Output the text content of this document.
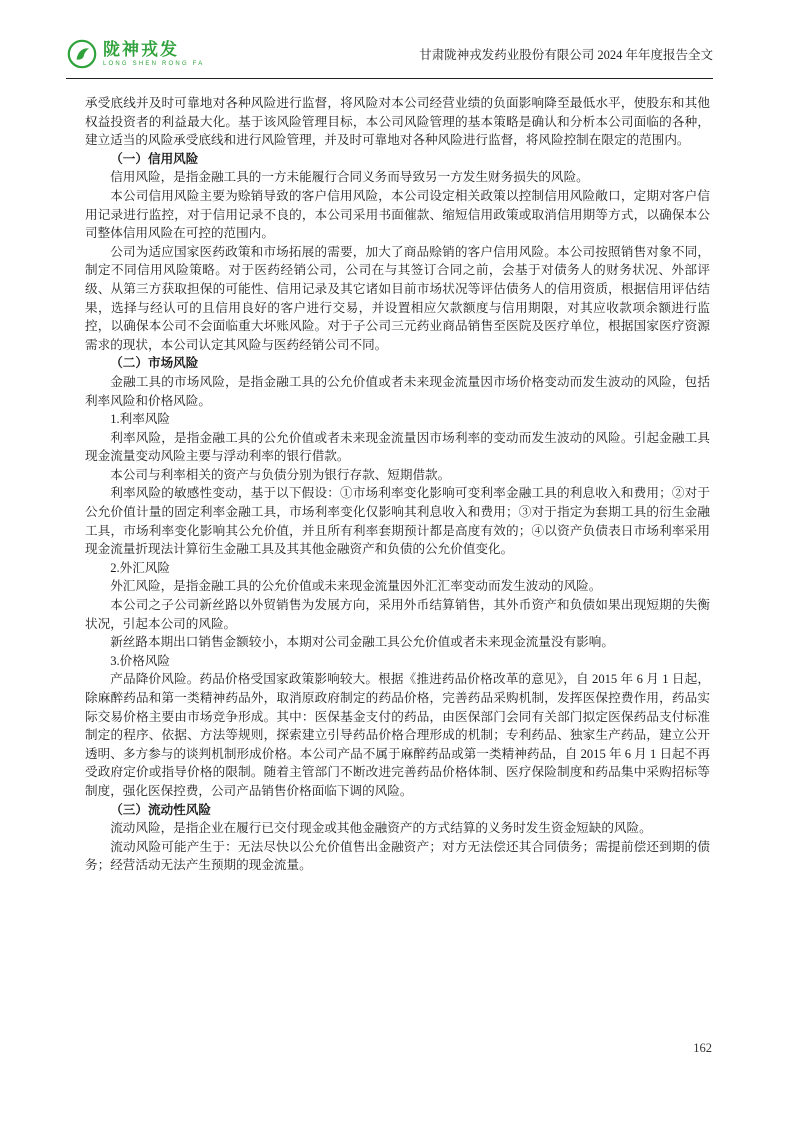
陇神戎发
LONG SHEN RONG FA
甘肃陇神戎发药业股份有限公司 2024 年年度报告全文

承受底线并及时可靠地对各种风险进行监督，将风险对本公司经营业绩的负面影响降至最低水平，使股东和其他权益投资者的利益最大化。基于该风险管理目标，本公司风险管理的基本策略是确认和分析本公司面临的各种，建立适当的风险承受底线和进行风险管理，并及时可靠地对各种风险进行监督，将风险控制在限定的范围内。

（一）信用风险

信用风险，是指金融工具的一方未能履行合同义务而导致另一方发生财务损失的风险。

本公司信用风险主要为赊销导致的客户信用风险，本公司设定相关政策以控制信用风险敞口，定期对客户信用记录进行监控，对于信用记录不良的，本公司采用书面催款、缩短信用政策或取消信用期等方式，以确保本公司整体信用风险在可控的范围内。

公司为适应国家医药政策和市场拓展的需要，加大了商品赊销的客户信用风险。本公司按照销售对象不同，制定不同信用风险策略。对于医药经销公司，公司在与其签订合同之前，会基于对债务人的财务状况、外部评级、从第三方获取担保的可能性、信用记录及其它诸如目前市场状况等评估债务人的信用资质，根据信用评估结果，选择与经认可的且信用良好的客户进行交易，并设置相应欠款额度与信用期限，对其应收款项余额进行监控，以确保本公司不会面临重大坏账风险。对于子公司三元药业商品销售至医院及医疗单位，根据国家医疗资源需求的现状，本公司认定其风险与医药经销公司不同。

（二）市场风险

金融工具的市场风险，是指金融工具的公允价值或者未来现金流量因市场价格变动而发生波动的风险，包括利率风险和价格风险。

1.利率风险

利率风险，是指金融工具的公允价值或者未来现金流量因市场利率的变动而发生波动的风险。引起金融工具现金流量变动风险主要与浮动利率的银行借款。

本公司与利率相关的资产与负债分别为银行存款、短期借款。

利率风险的敏感性变动，基于以下假设：①市场利率变化影响可变利率金融工具的利息收入和费用；②对于公允价值计量的固定利率金融工具，市场利率变化仅影响其利息收入和费用；③对于指定为套期工具的衍生金融工具，市场利率变化影响其公允价值，并且所有利率套期预计都是高度有效的；④以资产负债表日市场利率采用现金流量折现法计算衍生金融工具及其其他金融资产和负债的公允价值变化。

2.外汇风险

外汇风险，是指金融工具的公允价值或未来现金流量因外汇汇率变动而发生波动的风险。

本公司之子公司新丝路以外贸销售为发展方向，采用外币结算销售，其外币资产和负债如果出现短期的失衡状况，引起本公司的风险。

新丝路本期出口销售金额较小，本期对公司金融工具公允价值或者未来现金流量没有影响。

3.价格风险

产品降价风险。药品价格受国家政策影响较大。根据《推进药品价格改革的意见》，自 2015 年 6 月 1 日起，除麻醉药品和第一类精神药品外，取消原政府制定的药品价格，完善药品采购机制，发挥医保控费作用，药品实际交易价格主要由市场竞争形成。其中：医保基金支付的药品，由医保部门会同有关部门拟定医保药品支付标准制定的程序、依据、方法等规则，探索建立引导药品价格合理形成的机制；专利药品、独家生产药品，建立公开透明、多方参与的谈判机制形成价格。本公司产品不属于麻醉药品或第一类精神药品，自 2015 年 6 月 1 日起不再受政府定价或指导价格的限制。随着主管部门不断改进完善药品价格体制、医疗保险制度和药品集中采购招标等制度，强化医保控费，公司产品销售价格面临下调的风险。

（三）流动性风险

流动风险，是指企业在履行已交付现金或其他金融资产的方式结算的义务时发生资金短缺的风险。

流动风险可能产生于：无法尽快以公允价值售出金融资产；对方无法偿还其合同债务；需提前偿还到期的债务；经营活动无法产生预期的现金流量。

162
